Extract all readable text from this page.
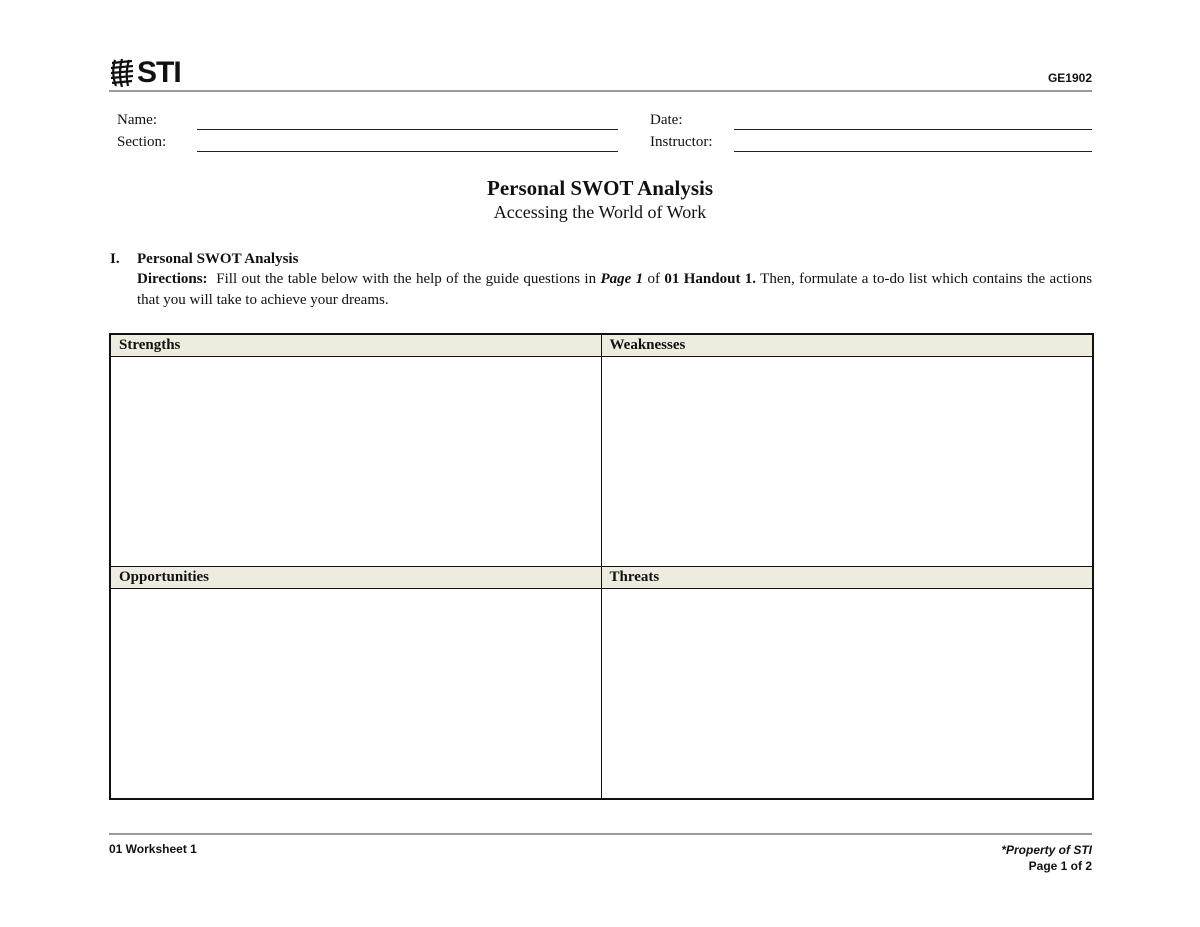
STI	GE1902
Name:
Section:
Date:
Instructor:
Personal SWOT Analysis
Accessing the World of Work
I.	Personal SWOT Analysis
Directions: Fill out the table below with the help of the guide questions in Page 1 of 01 Handout 1. Then, formulate a to-do list which contains the actions that you will take to achieve your dreams.
Strengths	Weaknesses
Opportunities	Threats
01 Worksheet 1	*Property of STI
Page 1 of 2
